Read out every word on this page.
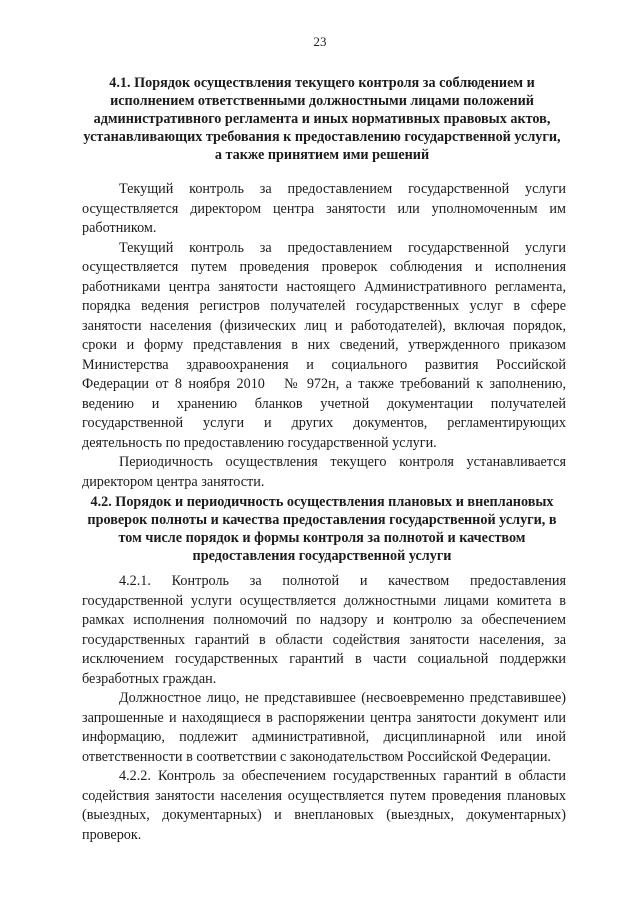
23
4.1. Порядок осуществления текущего контроля за соблюдением и исполнением ответственными должностными лицами положений административного регламента и иных нормативных правовых актов, устанавливающих требования к предоставлению государственной услуги, а также принятием ими решений

Текущий контроль за предоставлением государственной услуги осуществляется директором центра занятости или уполномоченным им работником.

Текущий контроль за предоставлением государственной услуги осуществляется путем проведения проверок соблюдения и исполнения работниками центра занятости настоящего Административного регламента, порядка ведения регистров получателей государственных услуг в сфере занятости населения (физических лиц и работодателей), включая порядок, сроки и форму представления в них сведений, утвержденного приказом Министерства здравоохранения и социального развития Российской Федерации от 8 ноября 2010 № 972н, а также требований к заполнению, ведению и хранению бланков учетной документации получателей государственной услуги и других документов, регламентирующих деятельность по предоставлению государственной услуги.

Периодичность осуществления текущего контроля устанавливается директором центра занятости.

4.2. Порядок и периодичность осуществления плановых и внеплановых проверок полноты и качества предоставления государственной услуги, в том числе порядок и формы контроля за полнотой и качеством предоставления государственной услуги

4.2.1. Контроль за полнотой и качеством предоставления государственной услуги осуществляется должностными лицами комитета в рамках исполнения полномочий по надзору и контролю за обеспечением государственных гарантий в области содействия занятости населения, за исключением государственных гарантий в части социальной поддержки безработных граждан.

Должностное лицо, не представившее (несвоевременно представившее) запрошенные и находящиеся в распоряжении центра занятости документ или информацию, подлежит административной, дисциплинарной или иной ответственности в соответствии с законодательством Российской Федерации.

4.2.2. Контроль за обеспечением государственных гарантий в области содействия занятости населения осуществляется путем проведения плановых (выездных, документарных) и внеплановых (выездных, документарных) проверок.
